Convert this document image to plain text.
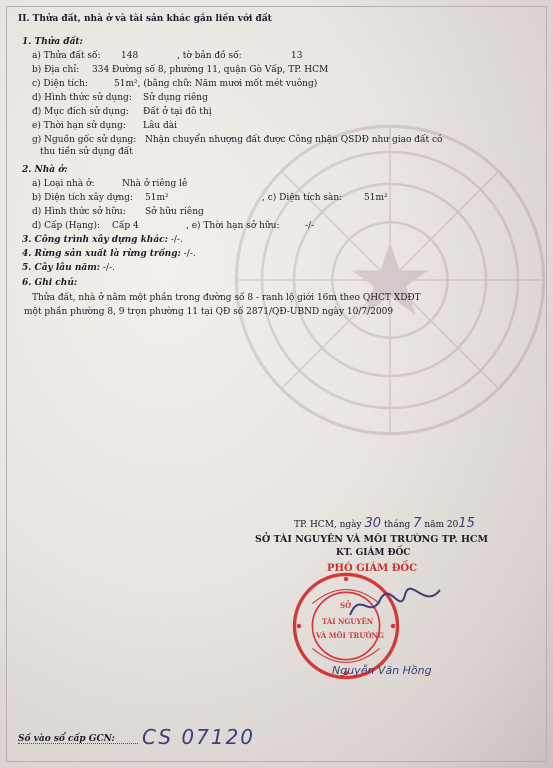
II. Thửa đất, nhà ở và tài sản khác gắn liền với đất
1. Thửa đất:
a) Thửa đất số: 148	, tờ bản đồ số:	13
b) Địa chỉ: 334 Đường số 8, phường 11, quận Gò Vấp, TP. HCM
c) Diện tích:	51m², (bằng chữ: Năm mươi mốt mét vuông)
d) Hình thức sử dụng: Sử dụng riêng
đ) Mục đích sử dụng: Đất ở tại đô thị
e) Thời hạn sử dụng: Lâu dài
g) Nguồn gốc sử dụng: Nhận chuyển nhượng đất được Công nhận QSDĐ như giao đất có
thu tiền sử dụng đất
2. Nhà ở:
a) Loại nhà ở:	Nhà ở riêng lẻ
b) Diện tích xây dựng: 51m²	, c) Diện tích sàn: 51m²
d) Hình thức sở hữu: Sở hữu riêng
d) Cấp (Hạng): Cấp 4	, e) Thời hạn sở hữu:	-/-
3. Công trình xây dựng khác: -/-.
4. Rừng sản xuất là rừng trồng: -/-.
5. Cây lâu năm: -/-.
6. Ghi chú:
Thửa đất, nhà ở nằm một phần trong đường số 8 - ranh lộ giới 16m theo QHCT XDĐT
một phần phường 8, 9 trọn phường 11 tại QĐ số 2871/QĐ-UBND ngày 10/7/2009
TP. HCM, ngày 30 tháng 7 năm 2015
SỞ TÀI NGUYÊN VÀ MÔI TRƯỜNG TP. HCM
KT. GIÁM ĐỐC
PHÓ GIÁM ĐỐC
SỞ
TÀI NGUYÊN
VÀ MÔI TRƯỜNG
Nguyễn Văn Hồng
Số vào sổ cấp GCN: CS 07120
